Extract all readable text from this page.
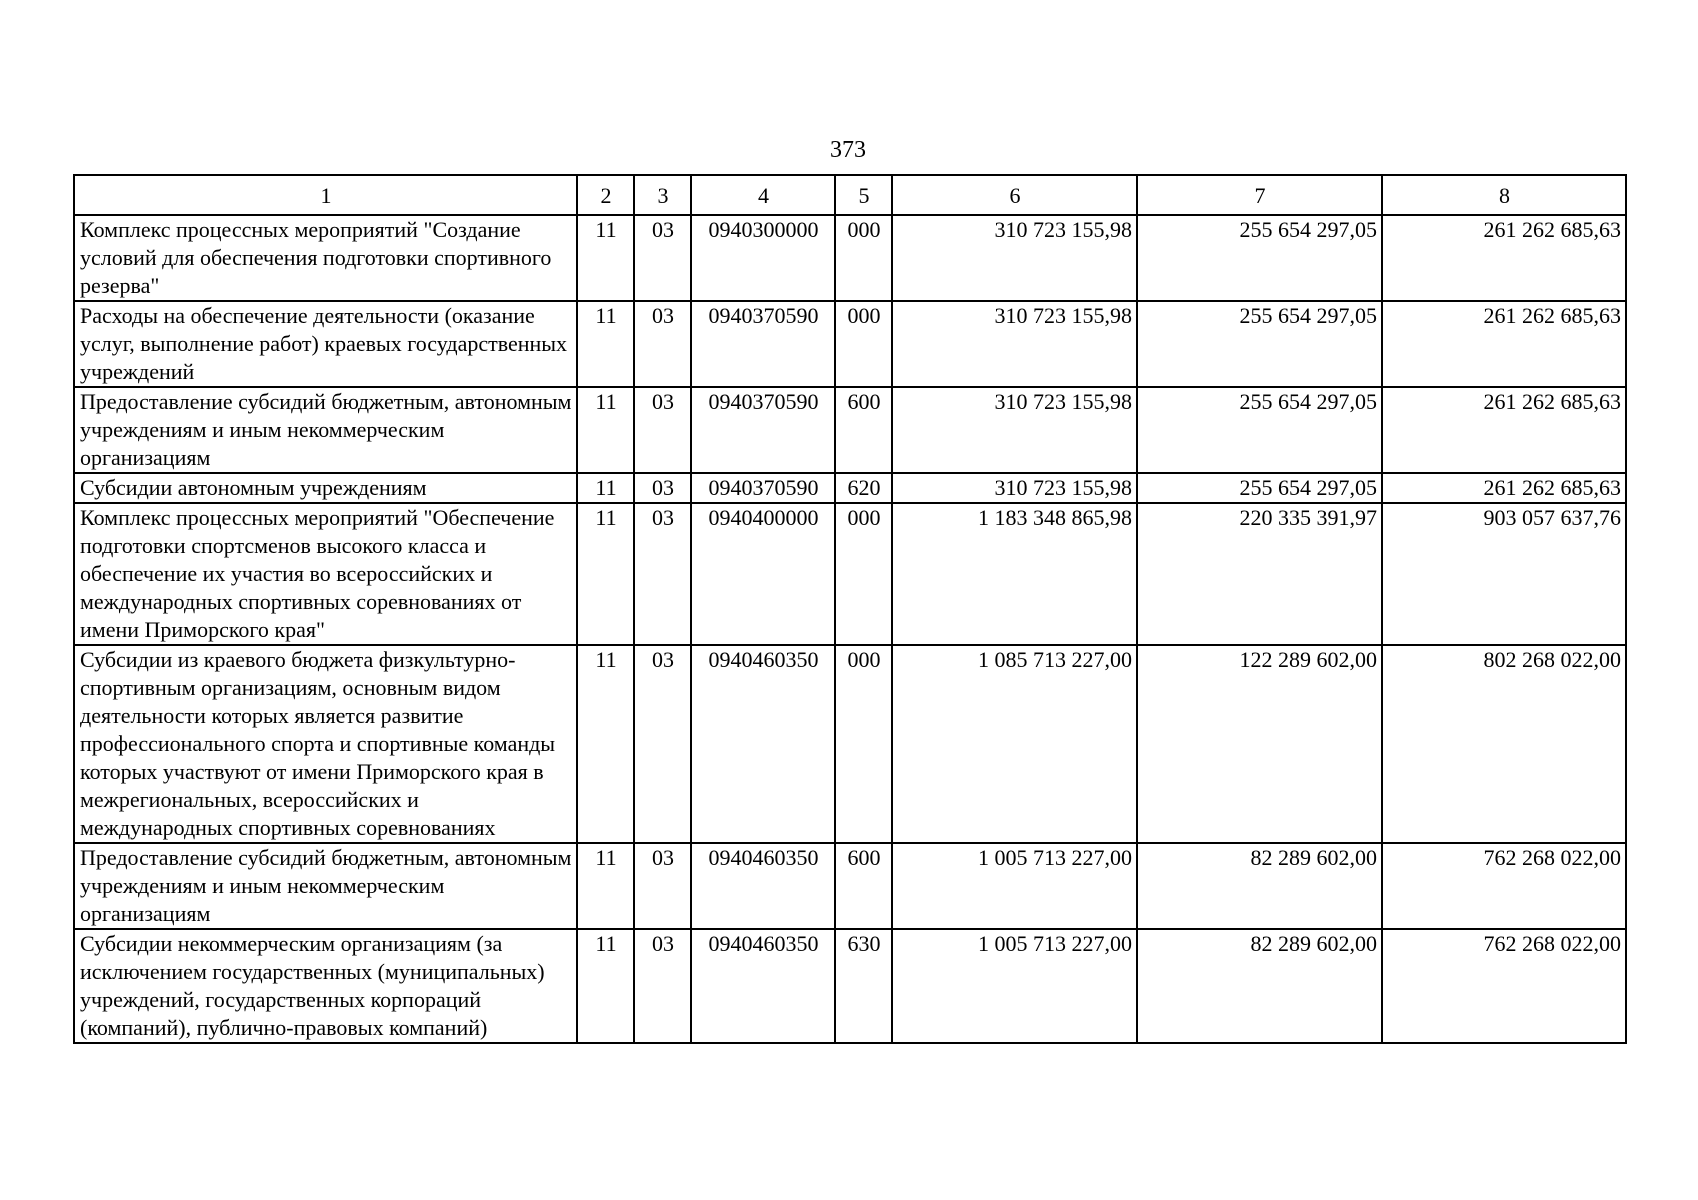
373
1	2	3	4	5	6	7	8
Комплекс процессных мероприятий "Создание условий для обеспечения подготовки спортивного резерва"	11	03	0940300000	000	310 723 155,98	255 654 297,05	261 262 685,63
Расходы на обеспечение деятельности (оказание услуг, выполнение работ) краевых государственных учреждений	11	03	0940370590	000	310 723 155,98	255 654 297,05	261 262 685,63
Предоставление субсидий бюджетным, автономным учреждениям и иным некоммерческим организациям	11	03	0940370590	600	310 723 155,98	255 654 297,05	261 262 685,63
Субсидии автономным учреждениям	11	03	0940370590	620	310 723 155,98	255 654 297,05	261 262 685,63
Комплекс процессных мероприятий "Обеспечение подготовки спортсменов высокого класса и обеспечение их участия во всероссийских и международных спортивных соревнованиях от имени Приморского края"	11	03	0940400000	000	1 183 348 865,98	220 335 391,97	903 057 637,76
Субсидии из краевого бюджета физкультурно-спортивным организациям, основным видом деятельности которых является развитие профессионального спорта и спортивные команды которых участвуют от имени Приморского края в межрегиональных, всероссийских и международных спортивных соревнованиях	11	03	0940460350	000	1 085 713 227,00	122 289 602,00	802 268 022,00
Предоставление субсидий бюджетным, автономным учреждениям и иным некоммерческим организациям	11	03	0940460350	600	1 005 713 227,00	82 289 602,00	762 268 022,00
Субсидии некоммерческим организациям (за исключением государственных (муниципальных) учреждений, государственных корпораций (компаний), публично-правовых компаний)	11	03	0940460350	630	1 005 713 227,00	82 289 602,00	762 268 022,00
